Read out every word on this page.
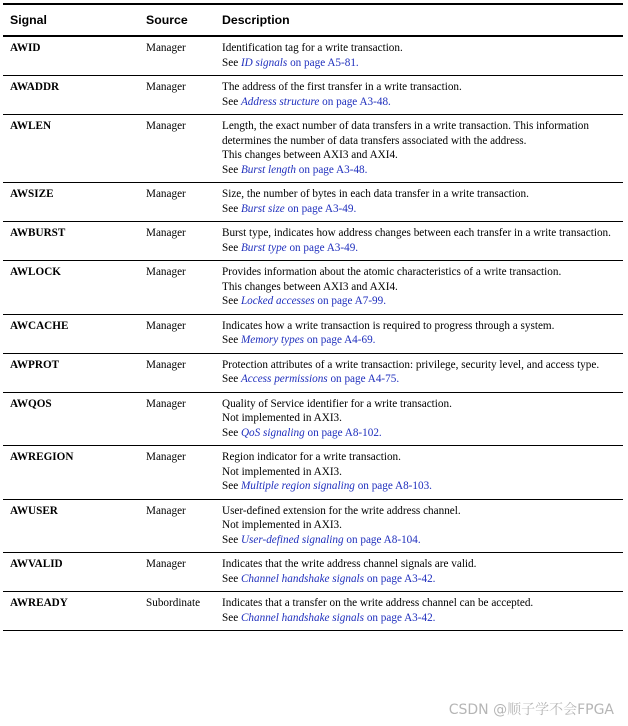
Signal	Source	Description
AWID	Manager	Identification tag for a write transaction.
See ID signals on page A5-81.

AWADDR	Manager	The address of the first transfer in a write transaction.
See Address structure on page A3-48.

AWLEN	Manager	Length, the exact number of data transfers in a write transaction. This information determines the number of data transfers associated with the address.
This changes between AXI3 and AXI4.
See Burst length on page A3-48.

AWSIZE	Manager	Size, the number of bytes in each data transfer in a write transaction.
See Burst size on page A3-49.

AWBURST	Manager	Burst type, indicates how address changes between each transfer in a write transaction.
See Burst type on page A3-49.

AWLOCK	Manager	Provides information about the atomic characteristics of a write transaction.
This changes between AXI3 and AXI4.
See Locked accesses on page A7-99.

AWCACHE	Manager	Indicates how a write transaction is required to progress through a system.
See Memory types on page A4-69.

AWPROT	Manager	Protection attributes of a write transaction: privilege, security level, and access type.
See Access permissions on page A4-75.

AWQOS	Manager	Quality of Service identifier for a write transaction.
Not implemented in AXI3.
See QoS signaling on page A8-102.

AWREGION	Manager	Region indicator for a write transaction.
Not implemented in AXI3.
See Multiple region signaling on page A8-103.

AWUSER	Manager	User-defined extension for the write address channel.
Not implemented in AXI3.
See User-defined signaling on page A8-104.

AWVALID	Manager	Indicates that the write address channel signals are valid.
See Channel handshake signals on page A3-42.

AWREADY	Subordinate	Indicates that a transfer on the write address channel can be accepted.
See Channel handshake signals on page A3-42.
CSDN @顺子学不会FPGA
